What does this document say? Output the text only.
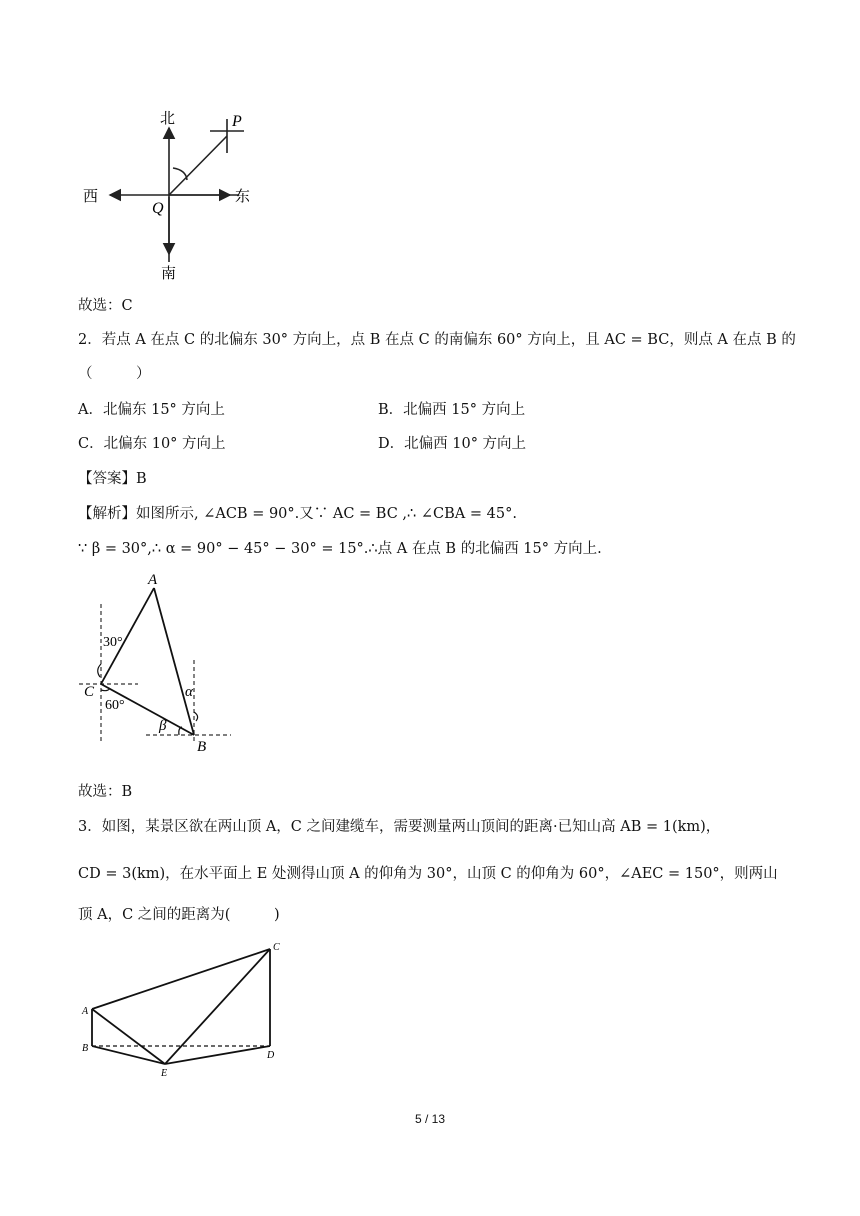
北
南
西	东
P
Q
故选：C
2．若点 A 在点 C 的北偏东 30° 方向上，点 B 在点 C 的南偏东 60° 方向上，且 AC = BC，则点 A 在点 B 的
（　　　）
A．北偏东 15° 方向上	B．北偏西 15° 方向上
C．北偏东 10° 方向上	D．北偏西 10° 方向上
【答案】B
【解析】如图所示, ∠ACB = 90°.又∵ AC = BC ,∴ ∠CBA = 45°.
∵ β = 30°,∴ α = 90° − 45° − 30° = 15°.∴点 A 在点 B 的北偏西 15° 方向上.
A
B
C
30°
60°
α
β
故选：B
3．如图，某景区欲在两山顶 A，C 之间建缆车，需要测量两山顶间的距离·已知山高 AB = 1(km)，
CD = 3(km)，在水平面上 E 处测得山顶 A 的仰角为 30°，山顶 C 的仰角为 60°，∠AEC = 150°，则两山
顶 A，C 之间的距离为(　　　)
A
B
C
D
E
5 / 13
